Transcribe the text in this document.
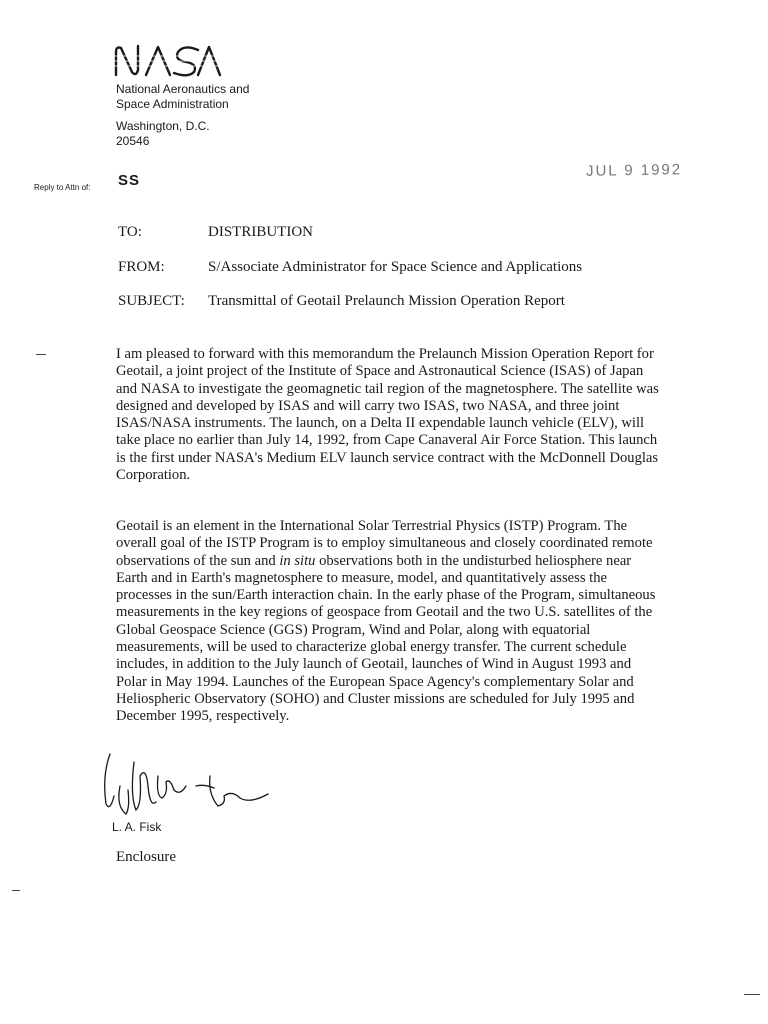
National Aeronautics and
Space Administration
Washington, D.C.
20546
Reply to Attn of: SS
JUL 9 1992
TO:	DISTRIBUTION
FROM:	S/Associate Administrator for Space Science and Applications
SUBJECT: Transmittal of Geotail Prelaunch Mission Operation Report

I am pleased to forward with this memorandum the Prelaunch Mission Operation Report for Geotail, a joint project of the Institute of Space and Astronautical Science (ISAS) of Japan and NASA to investigate the geomagnetic tail region of the magnetosphere. The satellite was designed and developed by ISAS and will carry two ISAS, two NASA, and three joint ISAS/NASA instruments. The launch, on a Delta II expendable launch vehicle (ELV), will take place no earlier than July 14, 1992, from Cape Canaveral Air Force Station. This launch is the first under NASA's Medium ELV launch service contract with the McDonnell Douglas Corporation.

Geotail is an element in the International Solar Terrestrial Physics (ISTP) Program. The overall goal of the ISTP Program is to employ simultaneous and closely coordinated remote observations of the sun and in situ observations both in the undisturbed heliosphere near Earth and in Earth's magnetosphere to measure, model, and quantitatively assess the processes in the sun/Earth interaction chain. In the early phase of the Program, simultaneous measurements in the key regions of geospace from Geotail and the two U.S. satellites of the Global Geospace Science (GGS) Program, Wind and Polar, along with equatorial measurements, will be used to characterize global energy transfer. The current schedule includes, in addition to the July launch of Geotail, launches of Wind in August 1993 and Polar in May 1994. Launches of the European Space Agency's complementary Solar and Heliospheric Observatory (SOHO) and Cluster missions are scheduled for July 1995 and December 1995, respectively.

L. A. Fisk
Enclosure
